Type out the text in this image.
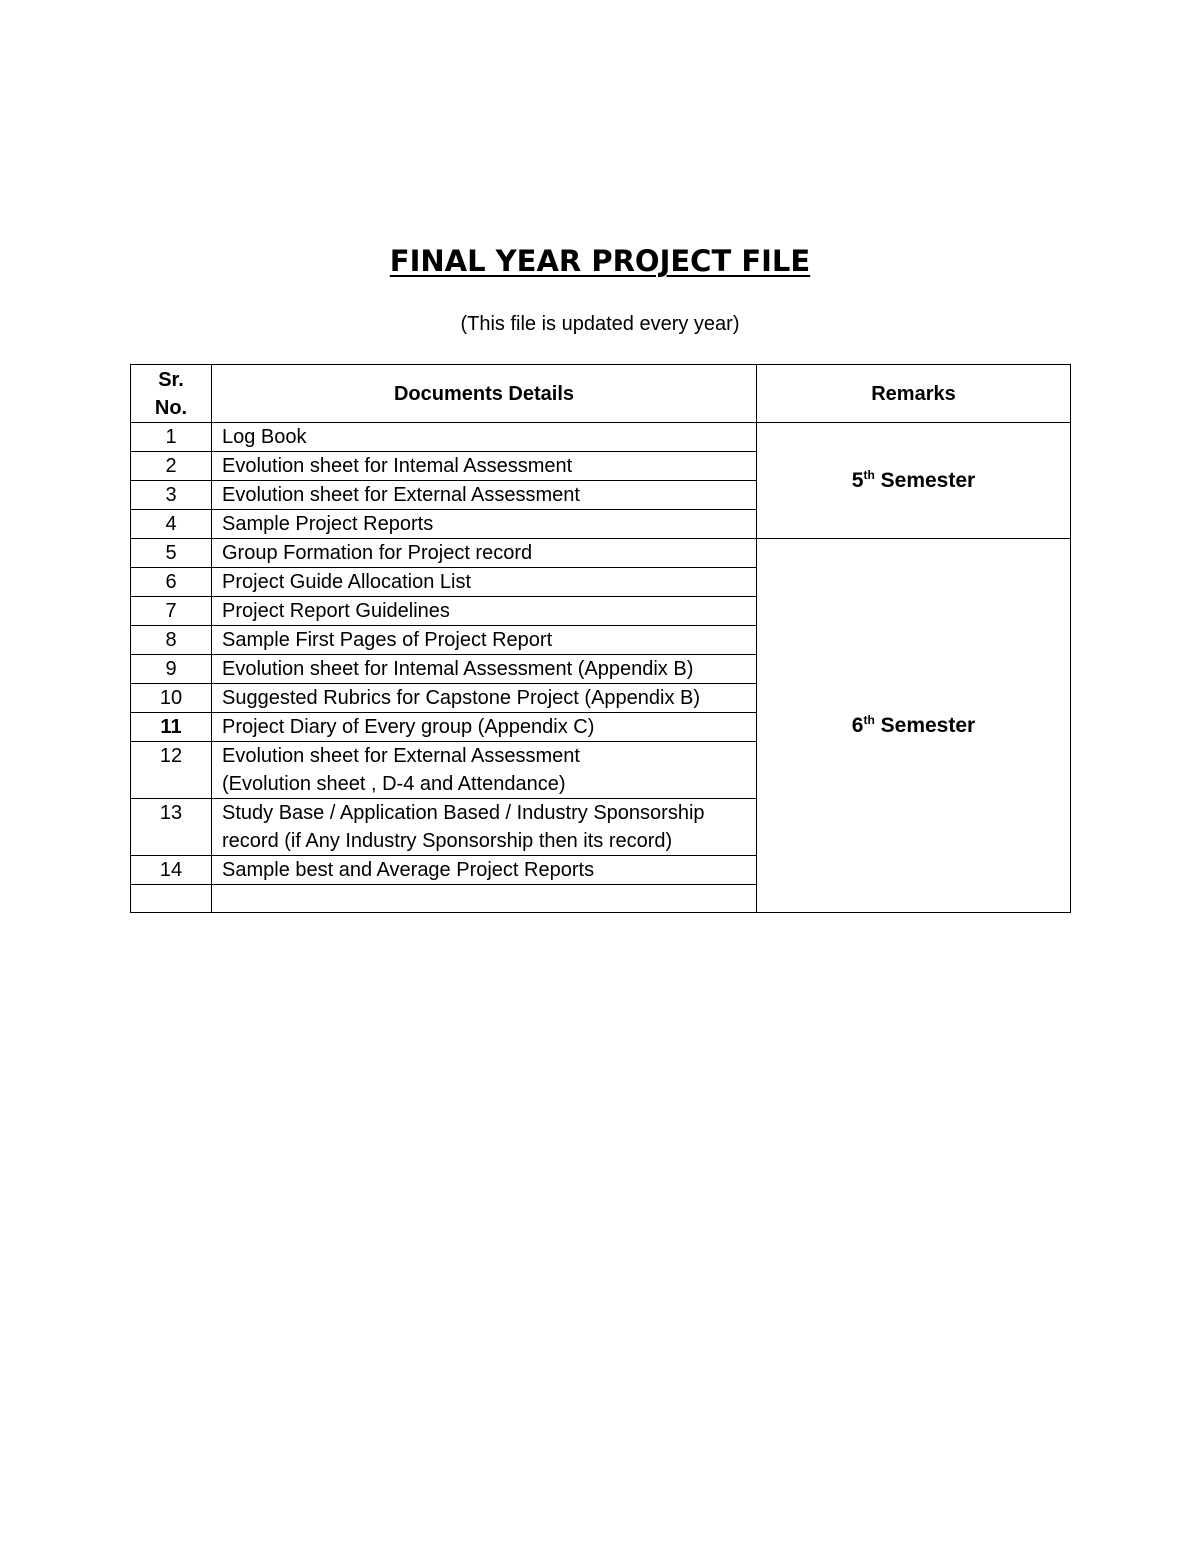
FINAL YEAR PROJECT FILE
(This file is updated every year)
Sr. No.	Documents Details	Remarks
1	Log Book	5th Semester
2	Evolution sheet for Intemal Assessment	
3	Evolution sheet for External Assessment	
4	Sample Project Reports	
5	Group Formation for Project record	6th Semester
6	Project Guide Allocation List	
7	Project Report Guidelines	
8	Sample First Pages of Project Report	
9	Evolution sheet for Intemal Assessment (Appendix B)	
10	Suggested Rubrics for Capstone Project (Appendix B)	
11	Project Diary of Every group (Appendix C)	
12	Evolution sheet for External Assessment
(Evolution sheet , D-4 and Attendance)	

13	Study Base / Application Based / Industry Sponsorship
record (if Any Industry Sponsorship then its record)	

14	Sample best and Average Project Reports	
